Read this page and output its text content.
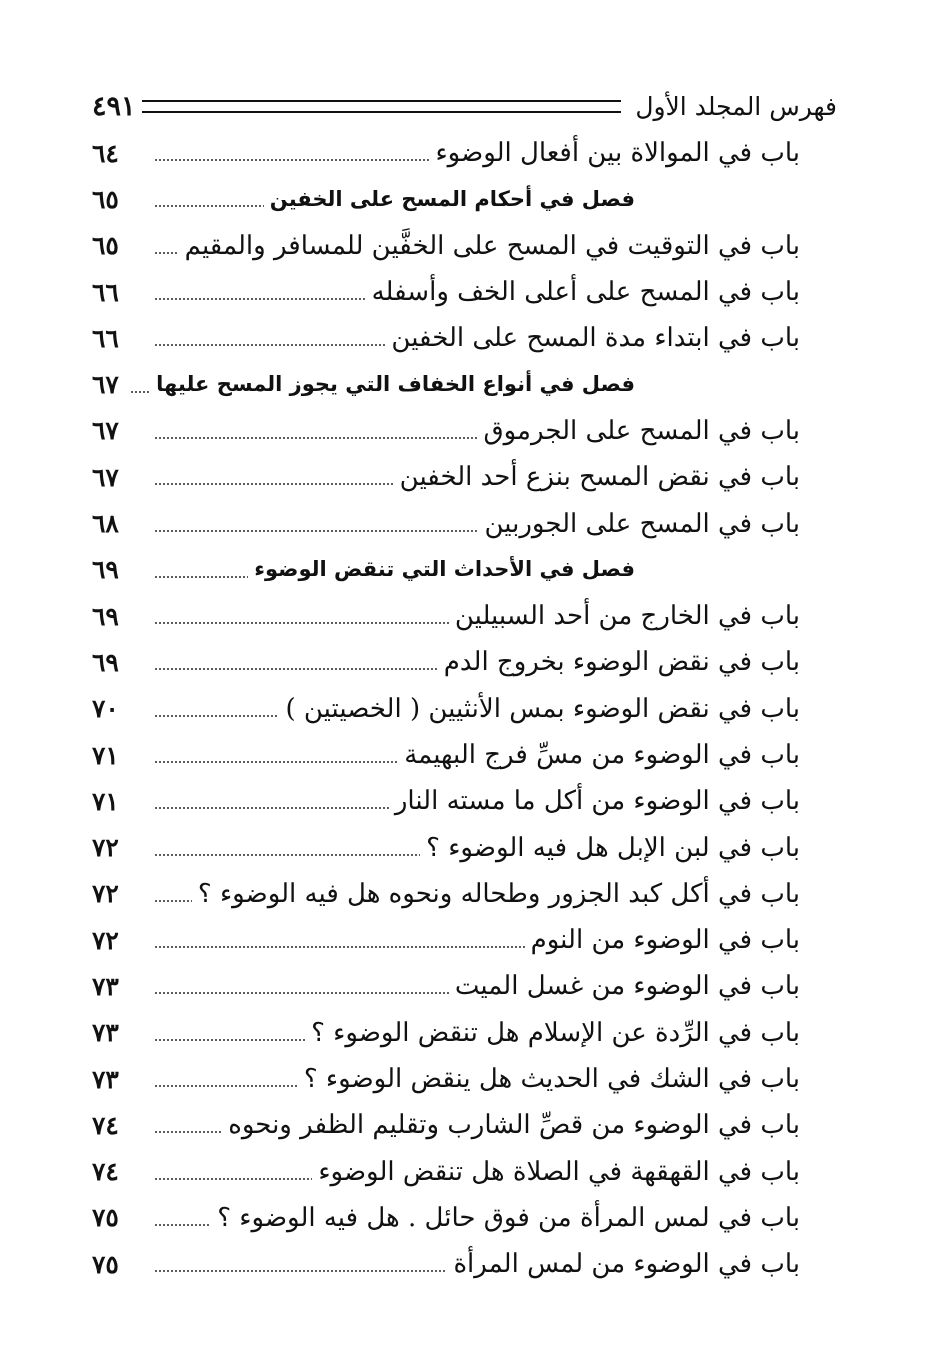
فهرس المجلد الأول
٤٩١
باب في الموالاة بين أفعال الوضوء
٦٤
فصل في أحكام المسح على الخفين
٦٥
باب في التوقيت في المسح على الخفَّين للمسافر والمقيم
٦٥
باب في المسح على أعلى الخف وأسفله
٦٦
باب في ابتداء مدة المسح على الخفين
٦٦
فصل في أنواع الخفاف التي يجوز المسح عليها
٦٧
باب في المسح على الجرموق
٦٧
باب في نقض المسح بنزع أحد الخفين
٦٧
باب في المسح على الجوربين
٦٨
فصل في الأحداث التي تنقض الوضوء
٦٩
باب في الخارج من أحد السبيلين
٦٩
باب في نقض الوضوء بخروج الدم
٦٩
باب في نقض الوضوء بمس الأنثيين ( الخصيتين )
٧٠
باب في الوضوء من مسِّ فرج البهيمة
٧١
باب في الوضوء من أكل ما مسته النار
٧١
باب في لبن الإبل هل فيه الوضوء ؟
٧٢
باب في أكل كبد الجزور وطحاله ونحوه هل فيه الوضوء ؟
٧٢
باب في الوضوء من النوم
٧٢
باب في الوضوء من غسل الميت
٧٣
باب في الرِّدة عن الإسلام هل تنقض الوضوء ؟
٧٣
باب في الشك في الحديث هل ينقض الوضوء ؟
٧٣
باب في الوضوء من قصِّ الشارب وتقليم الظفر ونحوه
٧٤
باب في القهقهة في الصلاة هل تنقض الوضوء
٧٤
باب في لمس المرأة من فوق حائل . هل فيه الوضوء ؟
٧٥
باب في الوضوء من لمس المرأة
٧٥
